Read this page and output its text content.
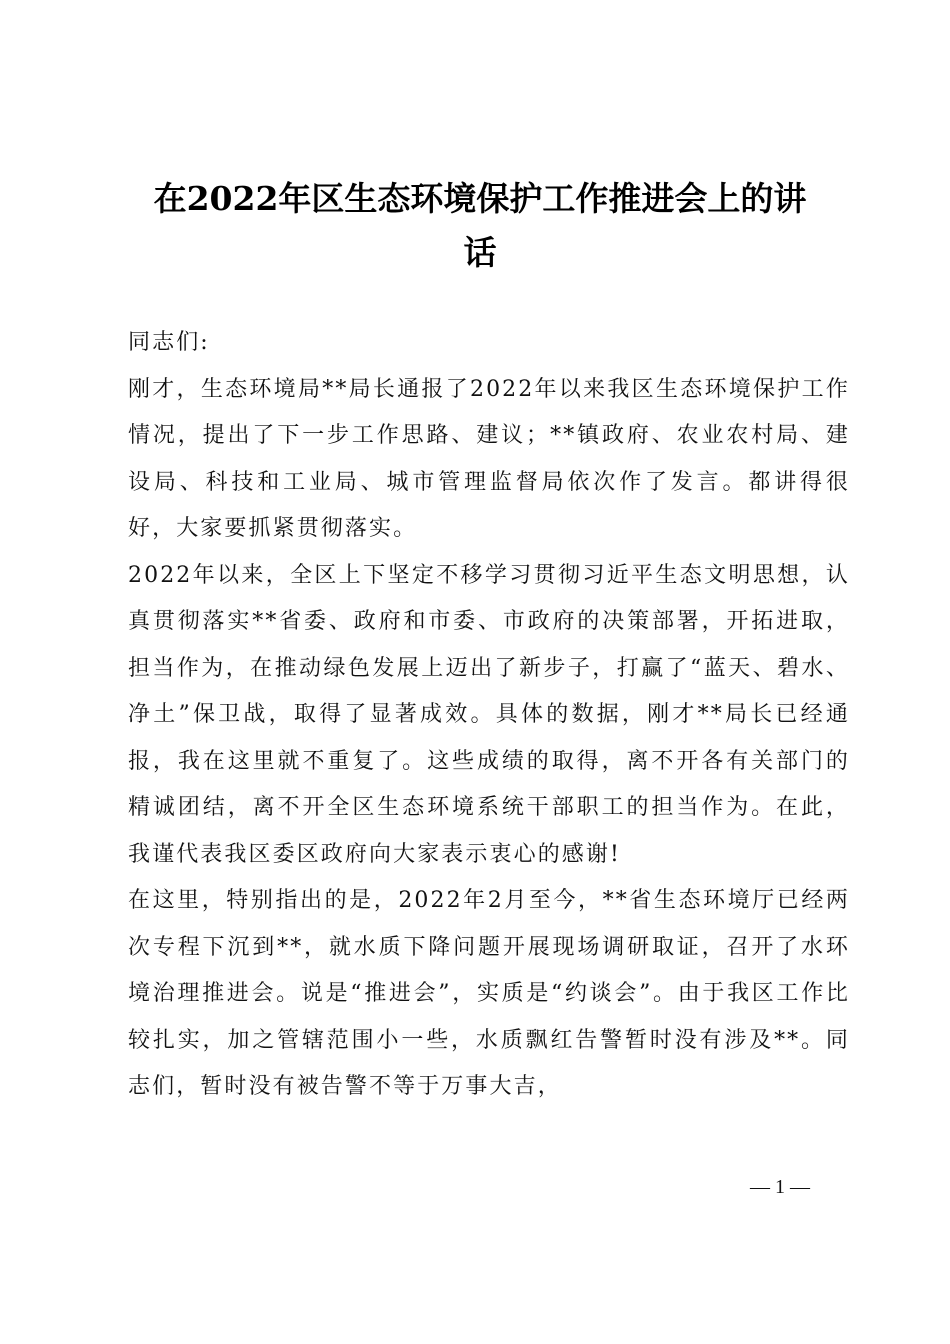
在2022年区生态环境保护工作推进会上的讲
话

同志们:

刚才，生态环境局**局长通报了2022年以来我区生态环境保护工作情况，提出了下一步工作思路、建议；**镇政府、农业农村局、建设局、科技和工业局、城市管理监督局依次作了发言。都讲得很好，大家要抓紧贯彻落实。

2022年以来，全区上下坚定不移学习贯彻习近平生态文明思想，认真贯彻落实**省委、政府和市委、市政府的决策部署，开拓进取，担当作为，在推动绿色发展上迈出了新步子，打赢了“蓝天、碧水、净土”保卫战，取得了显著成效。具体的数据，刚才**局长已经通报，我在这里就不重复了。这些成绩的取得，离不开各有关部门的精诚团结，离不开全区生态环境系统干部职工的担当作为。在此，我谨代表我区委区政府向大家表示衷心的感谢!

在这里，特别指出的是，2022年2月至今，**省生态环境厅已经两次专程下沉到**，就水质下降问题开展现场调研取证，召开了水环境治理推进会。说是“推进会”，实质是“约谈会”。由于我区工作比较扎实，加之管辖范围小一些，水质飘红告警暂时没有涉及**。同志们，暂时没有被告警不等于万事大吉，

— 1 —
